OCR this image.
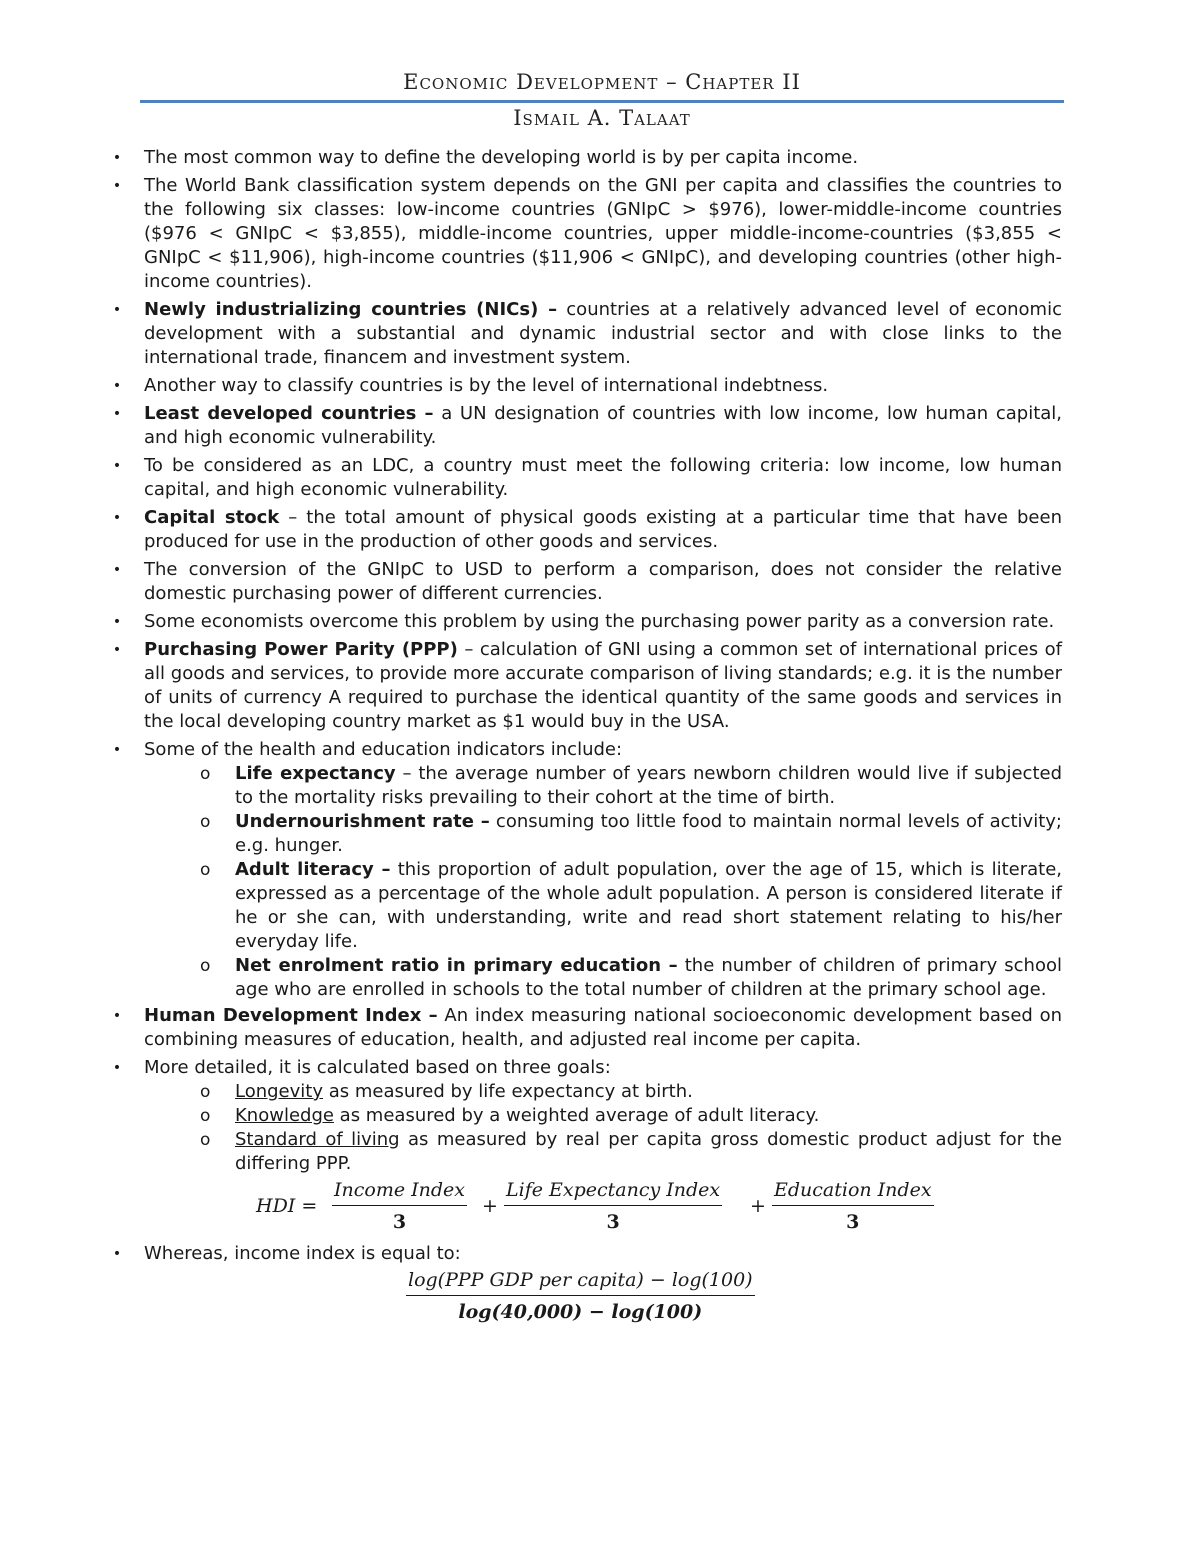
Economic Development – Chapter II
Ismail A. Talaat
• The most common way to define the developing world is by per capita income.
• The World Bank classification system depends on the GNI per capita and classifies the countries to the following six classes: low-income countries (GNIpC > $976), lower-middle-income countries ($976 < GNIpC < $3,855), middle-income countries, upper middle-income-countries ($3,855 < GNIpC < $11,906), high-income countries ($11,906 < GNIpC), and developing countries (other high-income countries).
• Newly industrializing countries (NICs) – countries at a relatively advanced level of economic development with a substantial and dynamic industrial sector and with close links to the international trade, financem and investment system.
• Another way to classify countries is by the level of international indebtness.
• Least developed countries – a UN designation of countries with low income, low human capital, and high economic vulnerability.
• To be considered as an LDC, a country must meet the following criteria: low income, low human capital, and high economic vulnerability.
• Capital stock – the total amount of physical goods existing at a particular time that have been produced for use in the production of other goods and services.
• The conversion of the GNIpC to USD to perform a comparison, does not consider the relative domestic purchasing power of different currencies.
• Some economists overcome this problem by using the purchasing power parity as a conversion rate.
• Purchasing Power Parity (PPP) – calculation of GNI using a common set of international prices of all goods and services, to provide more accurate comparison of living standards; e.g. it is the number of units of currency A required to purchase the identical quantity of the same goods and services in the local developing country market as $1 would buy in the USA.
• Some of the health and education indicators include:
o Life expectancy – the average number of years newborn children would live if subjected to the mortality risks prevailing to their cohort at the time of birth.
o Undernourishment rate – consuming too little food to maintain normal levels of activity; e.g. hunger.
o Adult literacy – this proportion of adult population, over the age of 15, which is literate, expressed as a percentage of the whole adult population. A person is considered literate if he or she can, with understanding, write and read short statement relating to his/her everyday life.
o Net enrolment ratio in primary education – the number of children of primary school age who are enrolled in schools to the total number of children at the primary school age.
• Human Development Index – An index measuring national socioeconomic development based on combining measures of education, health, and adjusted real income per capita.
• More detailed, it is calculated based on three goals:
o Longevity as measured by life expectancy at birth.
o Knowledge as measured by a weighted average of adult literacy.
o Standard of living as measured by real per capita gross domestic product adjust for the differing PPP.
HDI =
Income Index
3
+
Life Expectancy Index
3
+
Education Index
3
• Whereas, income index is equal to:
log(PPP GDP per capita) − log(100)
log(40,000) − log(100)
